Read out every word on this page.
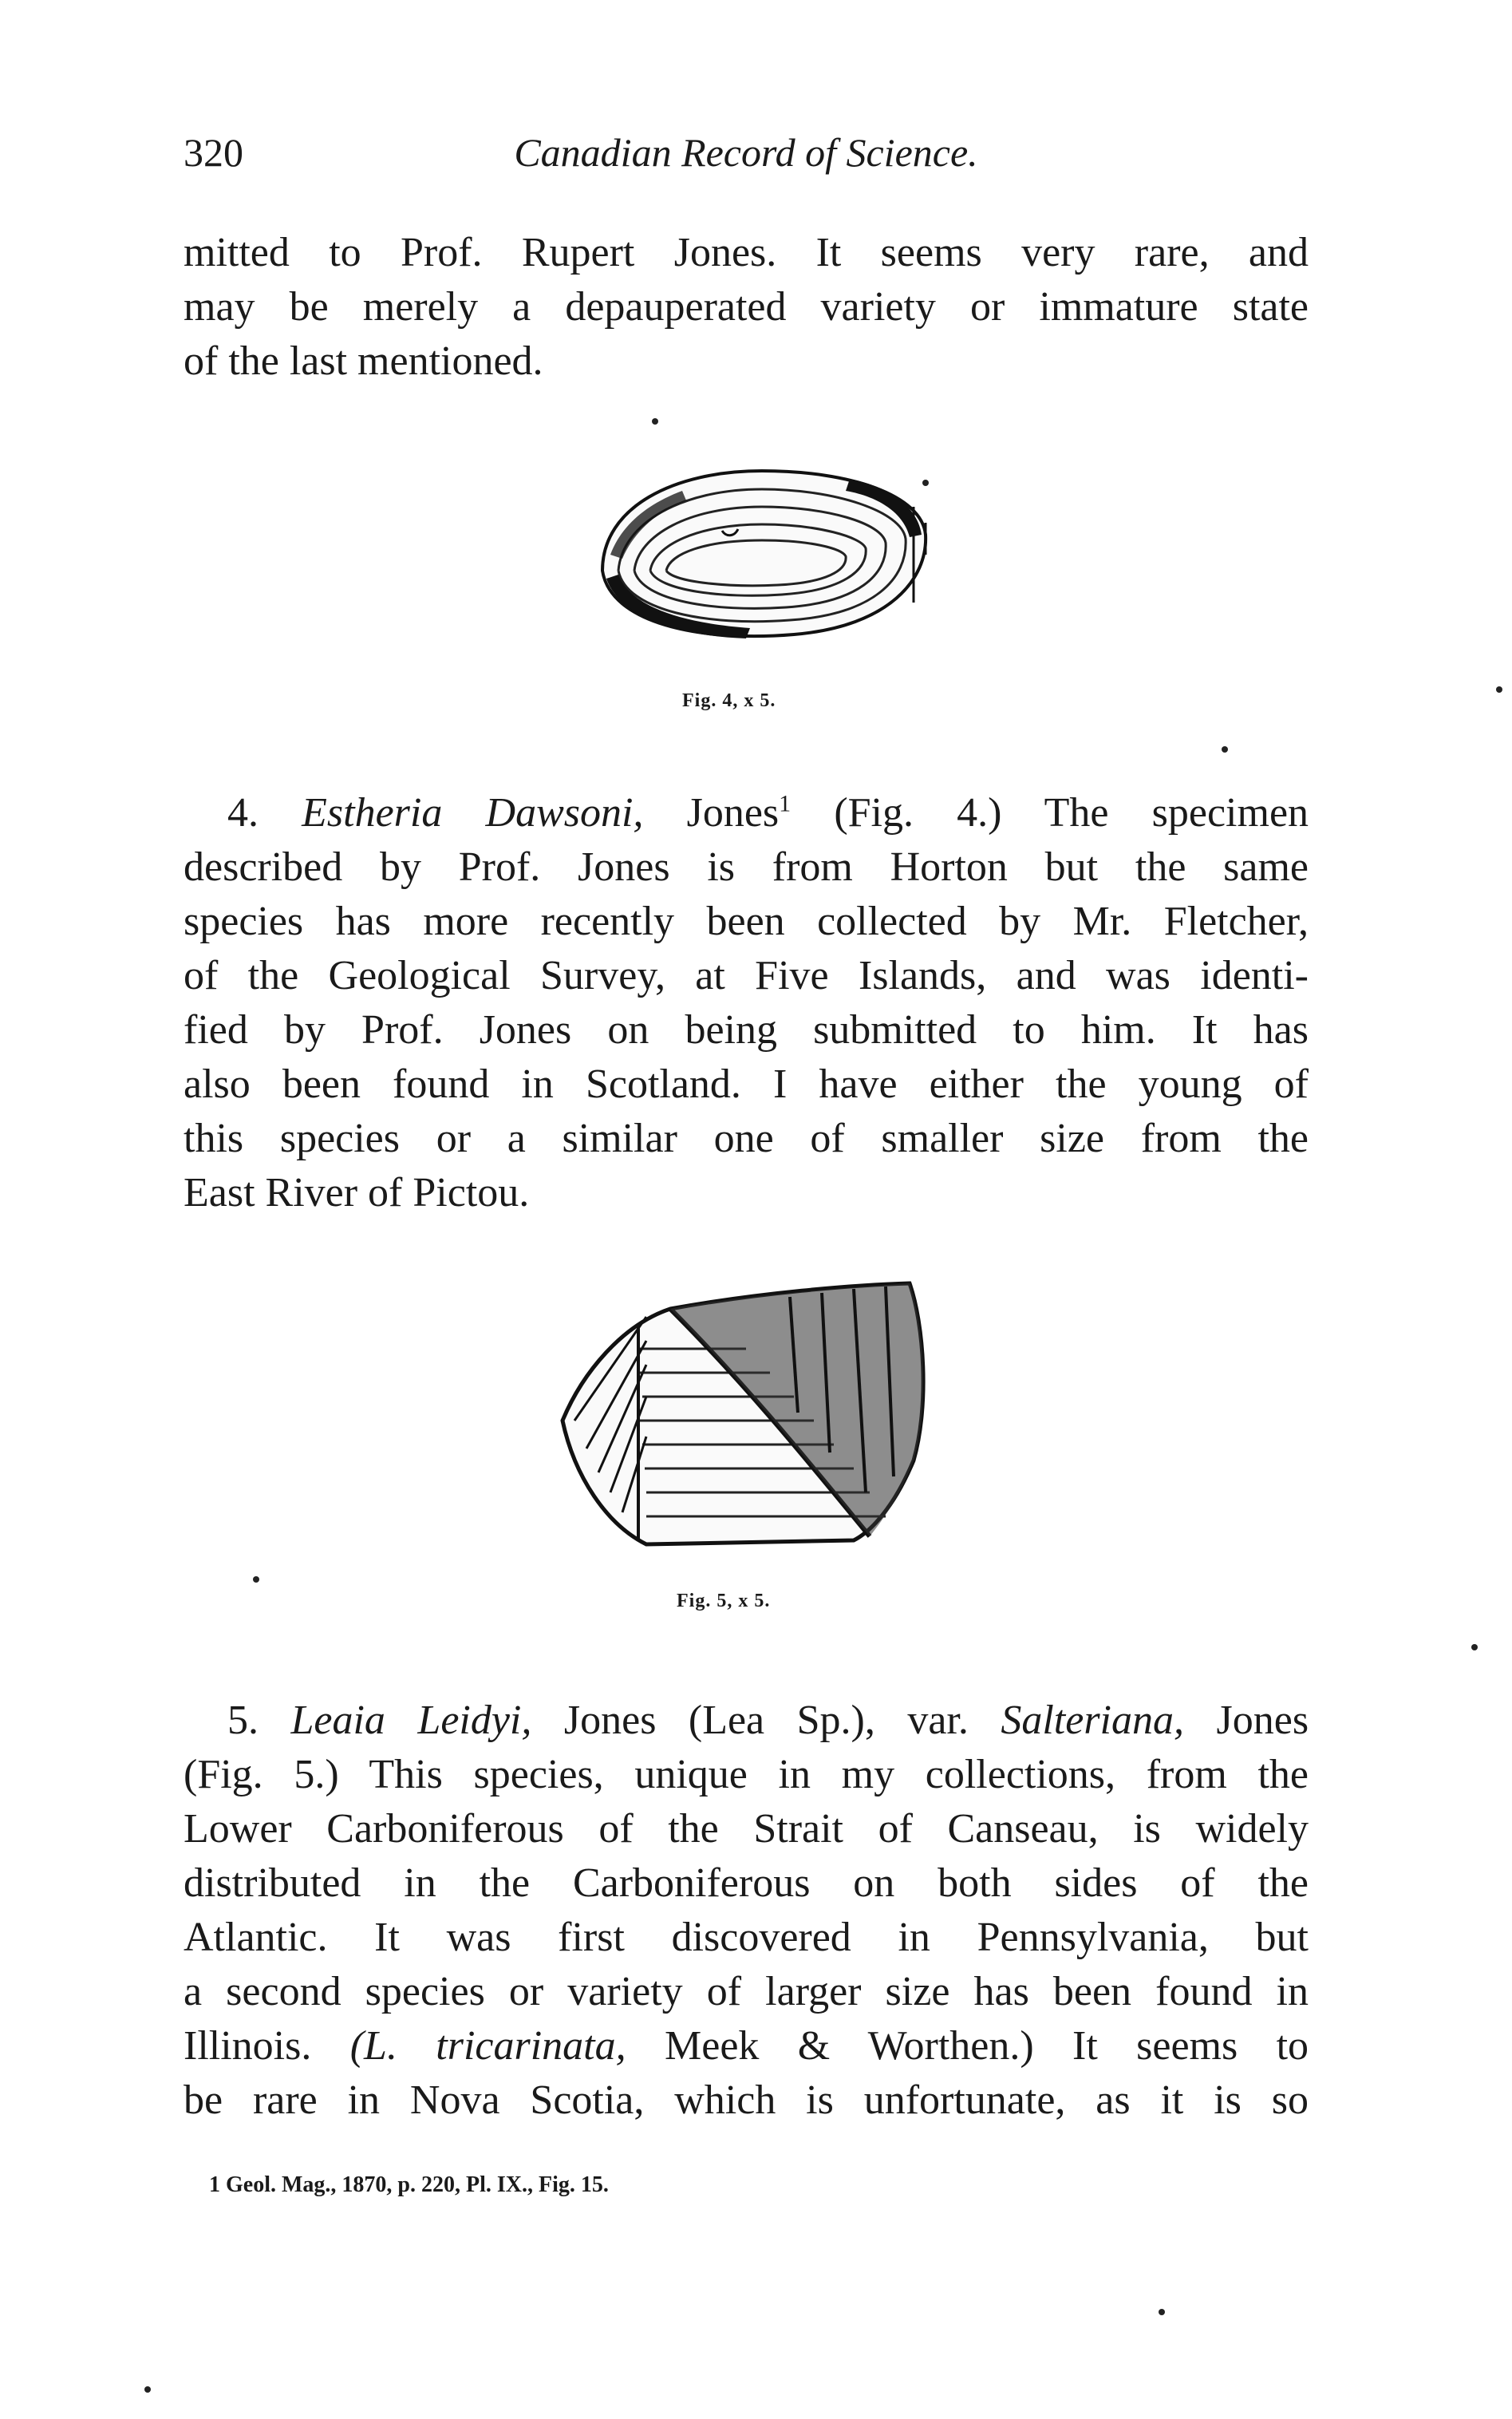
320	Canadian Record of Science.

mitted to Prof. Rupert Jones. It seems very rare, and
may be merely a depauperated variety or immature state
of the last mentioned.

Fig. 4, x 5.

4. Estheria Dawsoni, Jones$^1$ (Fig. 4.) The specimen
described by Prof. Jones is from Horton but the same
species has more recently been collected by Mr. Fletcher,
of the Geological Survey, at Five Islands, and was identi-
fied by Prof. Jones on being submitted to him. It has
also been found in Scotland. I have either the young of
this species or a similar one of smaller size from the
East River of Pictou.

Fig. 5, x 5.

5. Leaia Leidyi, Jones (Lea Sp.), var. Salteriana, Jones
(Fig. 5.) This species, unique in my collections, from the
Lower Carboniferous of the Strait of Canseau, is widely
distributed in the Carboniferous on both sides of the
Atlantic. It was first discovered in Pennsylvania, but
a second species or variety of larger size has been found in
Illinois. (L. tricarinata, Meek & Worthen.) It seems to
be rare in Nova Scotia, which is unfortunate, as it is so

1 Geol. Mag., 1870, p. 220, Pl. IX., Fig. 15.
